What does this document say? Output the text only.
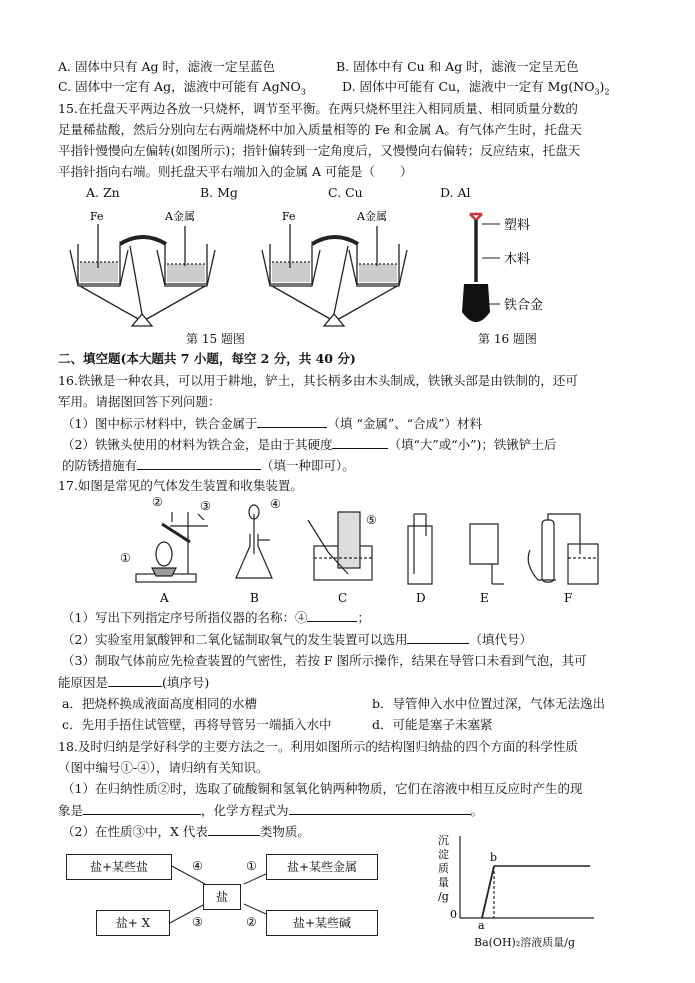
A. 固体中只有 Ag 时，滤液一定呈蓝色	B. 固体中有 Cu 和 Ag 时，滤液一定呈无色
C. 固体中一定有 Ag，滤液中可能有 AgNO$_3$	D. 固体中可能有 Cu，滤液中一定有 $Mg(NO_3)_2$
15.在托盘天平两边各放一只烧杯，调节至平衡。在两只烧杯里注入相同质量、相同质量分数的
足量稀盐酸，然后分别向左右两端烧杯中加入质量相等的 Fe 和金属 A。有气体产生时，托盘天
平指针慢慢向左偏转(如图所示)；指针偏转到一定角度后，又慢慢向右偏转；反应结束，托盘天
平指针指向右端。则托盘天平右端加入的金属 A 可能是（　　）
A. Zn	B. Mg	C. Cu	D. Al
Fe	A金属	Fe	A金属
第 15 题图
塑料
木料
铁合金
第 16 题图
二、填空题(本大题共 7 小题，每空 2 分，共 40 分)
16.铁锹是一种农具，可以用于耕地，铲土，其长柄多由木头制成，铁锹头部是由铁制的，还可
军用。请据图回答下列问题：
（1）图中标示材料中，铁合金属于	（填 “金属”、“合成”）材料
（2）铁锹头使用的材料为铁合金，是由于其硬度	（填“大”或“小”)；铁锹铲土后
的防锈措施有	（填一种即可）。
17.如图是常见的气体发生装置和收集装置。
①
②	③	④
⑤
A	B	C	D	E	F
（1）写出下列指定序号所指仪器的名称：④	；
（2）实验室用氯酸钾和二氧化锰制取氧气的发生装置可以选用	（填代号）
（3）制取气体前应先检查装置的气密性，若按 F 图所示操作，结果在导管口未看到气泡，其可
能原因是	(填序号)
a．把烧杯换成液面高度相同的水槽	b．导管伸入水中位置过深，气体无法逸出
c．先用手捂住试管壁，再将导管另一端插入水中	d．可能是塞子未塞紧
18.及时归纳是学好科学的主要方法之一。利用如图所示的结构图归纳盐的四个方面的科学性质
（图中编号①-④），请归纳有关知识。
（1）在归纳性质②时，选取了硫酸铜和氢氧化钠两种物质，它们在溶液中相互反应时产生的现
象是	，化学方程式为	。
（2）在性质③中，X 代表	类物质。
④	①
③	②
盐+某些盐	盐+某些金属
盐
盐+ X	盐+某些碱
沉
淀
质
量
/g
0
a
b
Ba(OH)₂溶液质量/g
